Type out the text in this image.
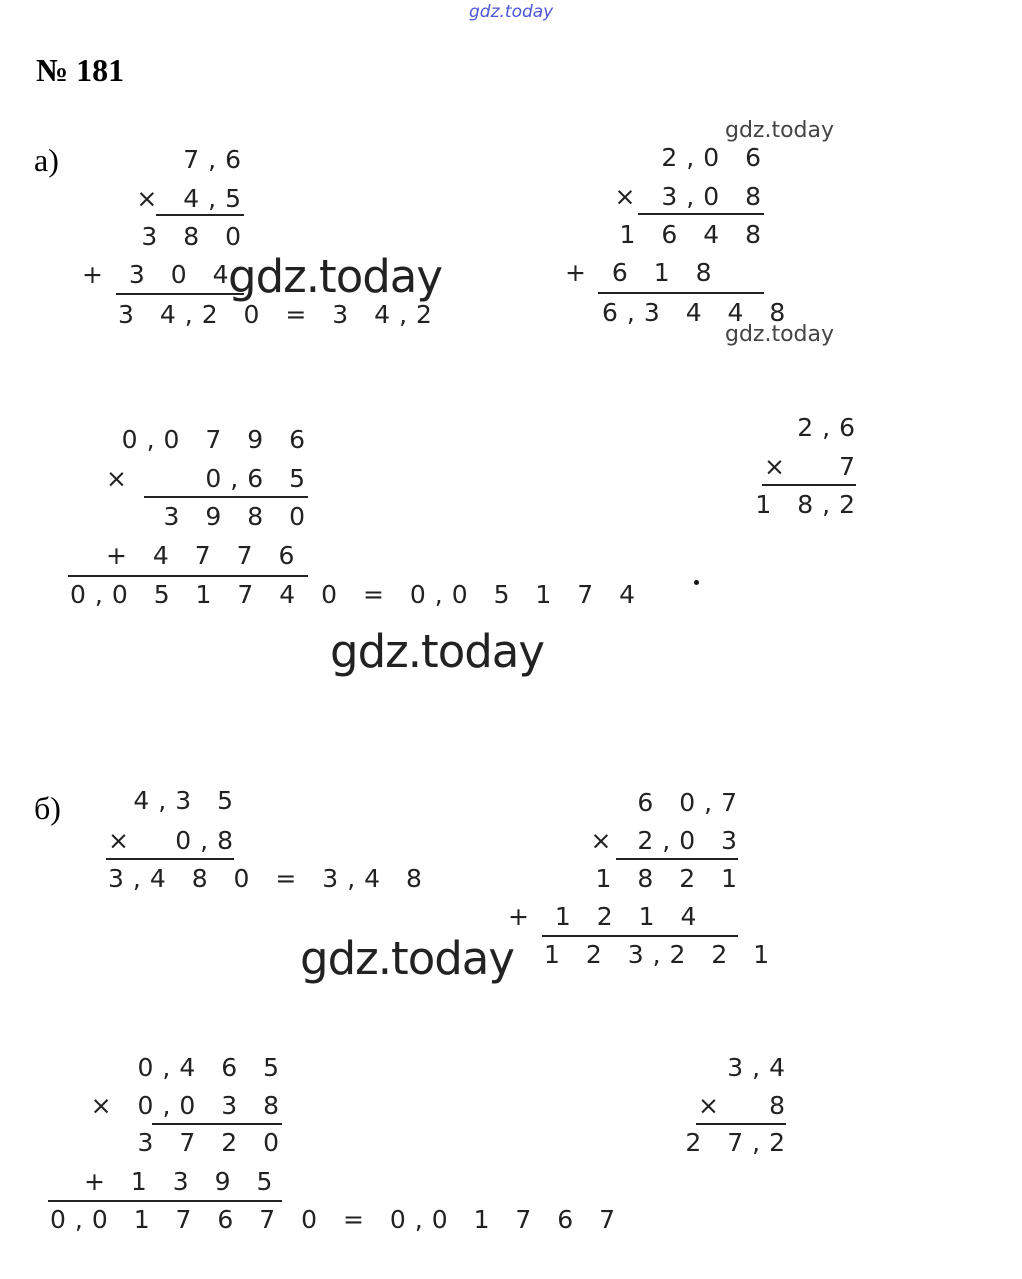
gdz.today
№ 181
а)	7,6
× 4,5
3 8 0
+ 3 0 4
3 4,2 0 = 3 4,2
gdz.today
gdz.today
2,0 6
× 3,0 8
1 6 4 8
+ 6 1 8
6,3 4 4 8
gdz.today
0,0 7 9 6
×	0,6 5
3 9 8 0
+ 4 7 7 6
0,0 5 1 7 4 0 = 0,0 5 1 7 4
gdz.today
2,6
× 7
1 8,2
б)	4,3 5
× 0,8
3,4 8 0 = 3,4 8
6 0,7
× 2,0 3
1 8 2 1
+ 1 2 1 4
1 2 3,2 2 1
gdz.today
0,4 6 5
× 0,0 3 8
3 7 2 0
+ 1 3 9 5
0,0 1 7 6 7 0 = 0,0 1 7 6 7
3,4
× 8
2 7,2
